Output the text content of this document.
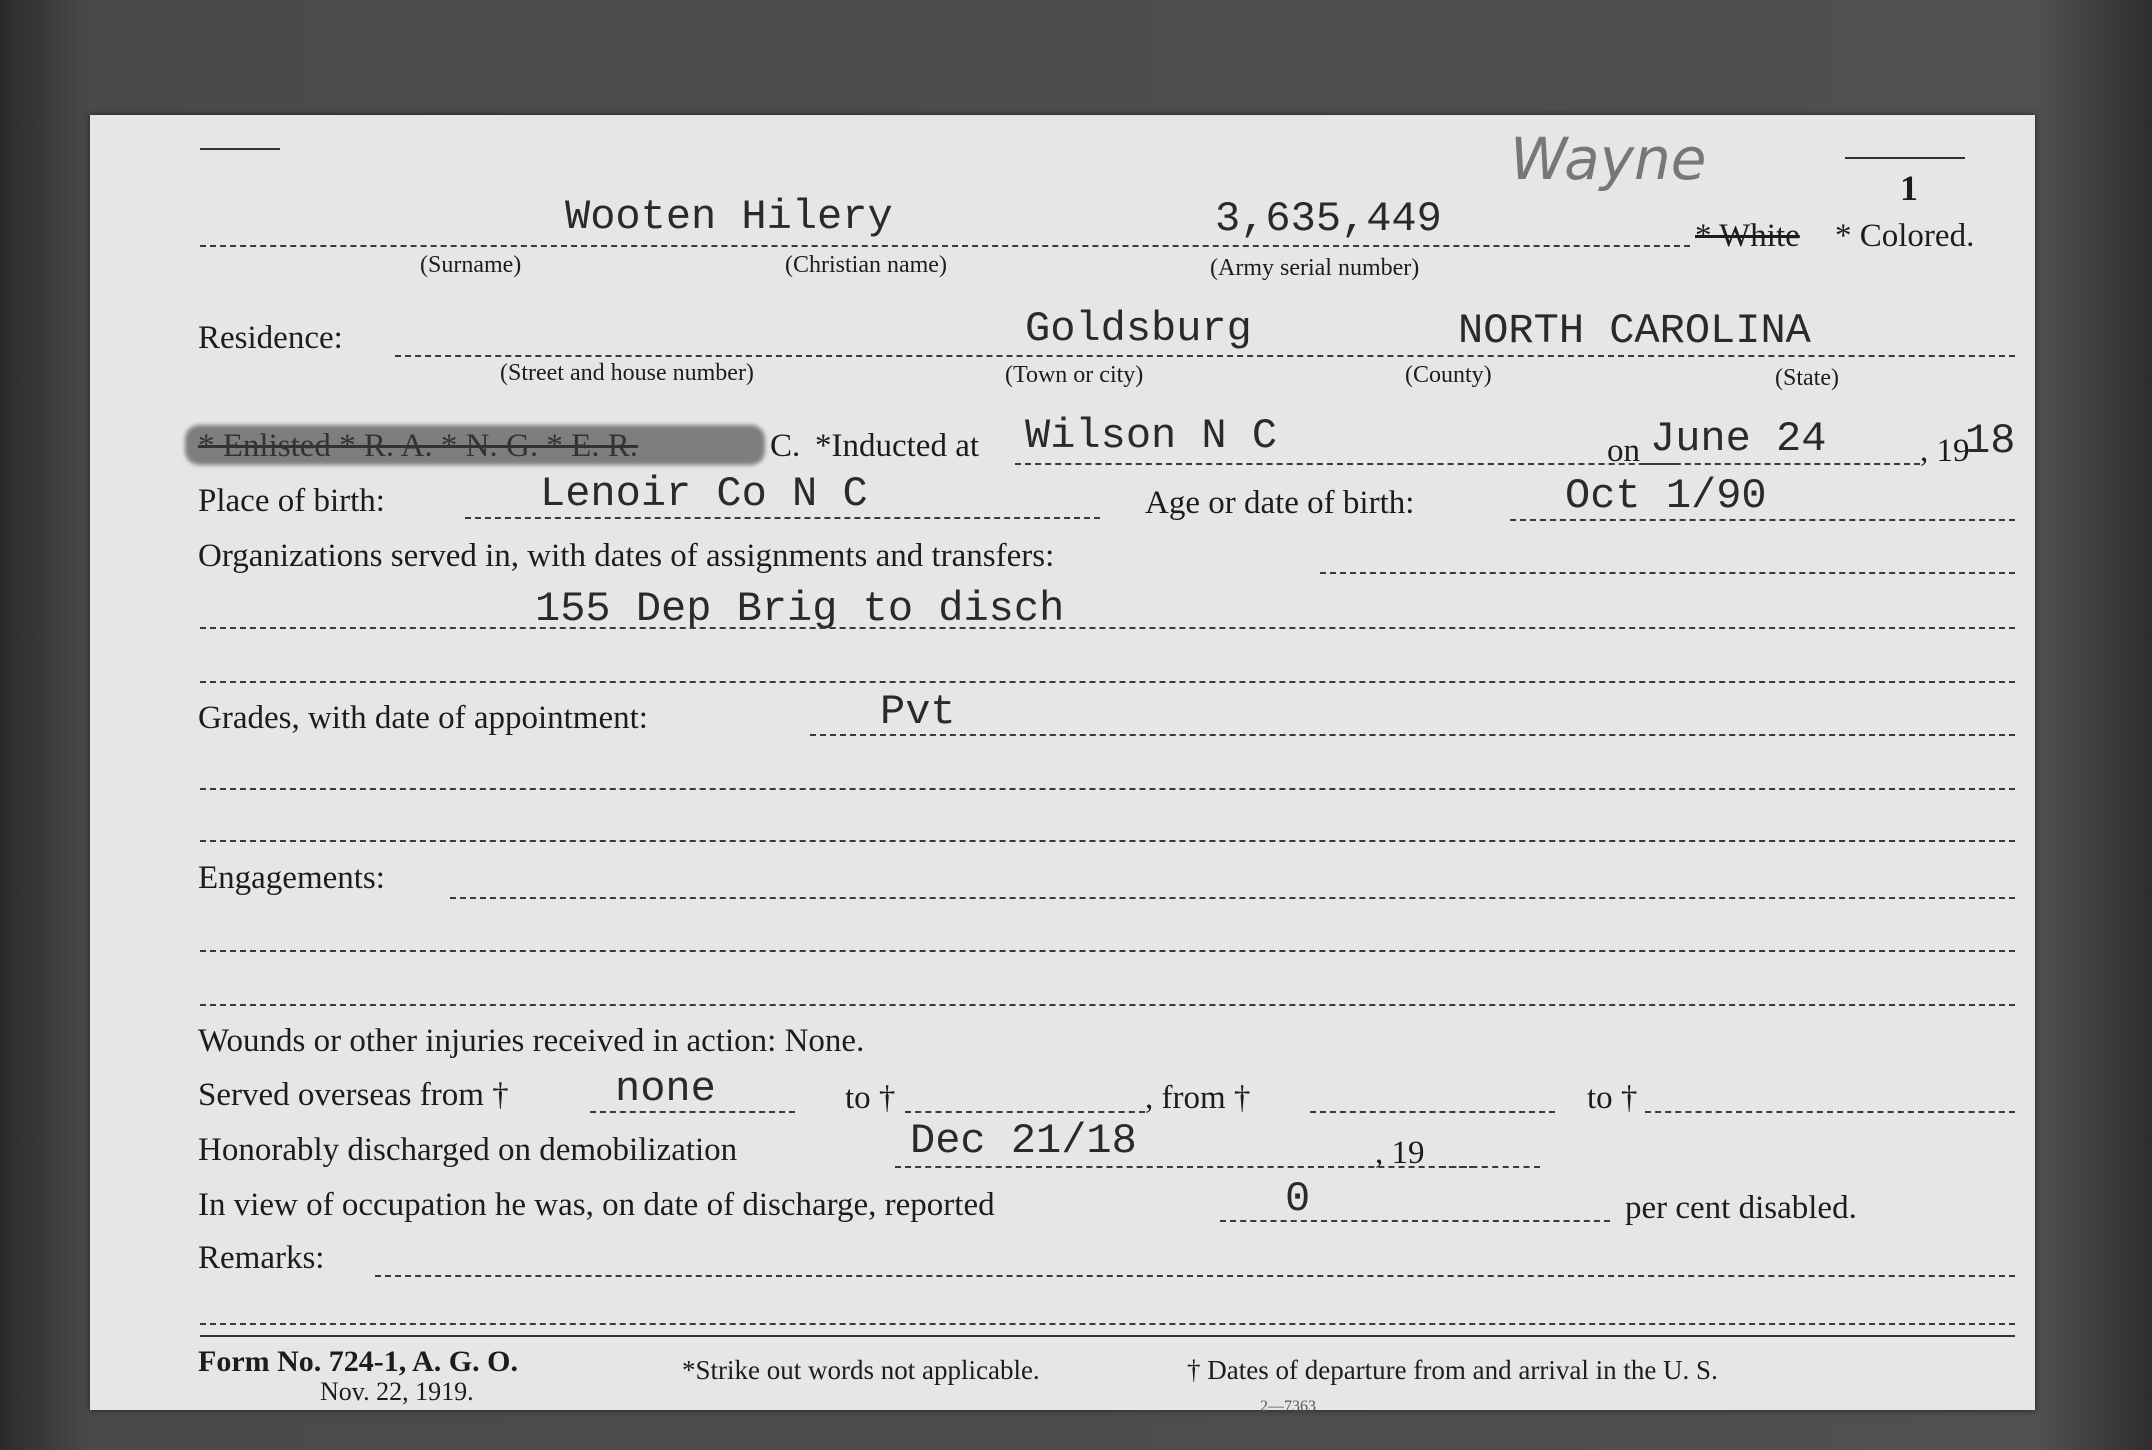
Wayne	1
Wooten Hilery	3,635,449	* White * Colored.
(Surname)	(Christian name)	(Army serial number)
Residence:	Goldsburg	NORTH CAROLINA
(Street and house number)	(Town or city)	(County)	(State)
* Enlisted * R. A. * N. G. * E. R.	C. *Inducted at Wilson N C	on June 24	, 19
18
Place of birth:	Lenoir Co N C	Age or date of birth:	Oct 1/90
Organizations served in, with dates of assignments and transfers:
155 Dep Brig to disch
Grades, with date of appointment:	Pvt
Engagements:
Wounds or other injuries received in action: None.
Served overseas from †	none	to †	, from †	to †
Honorably discharged on demobilization	Dec 21/18	, 19
In view of occupation he was, on date of discharge, reported	0	per cent disabled.
Remarks:
Form No. 724-1, A. G. O.
Nov. 22, 1919.
*Strike out words not applicable.	† Dates of departure from and arrival in the U. S.
2—7363
